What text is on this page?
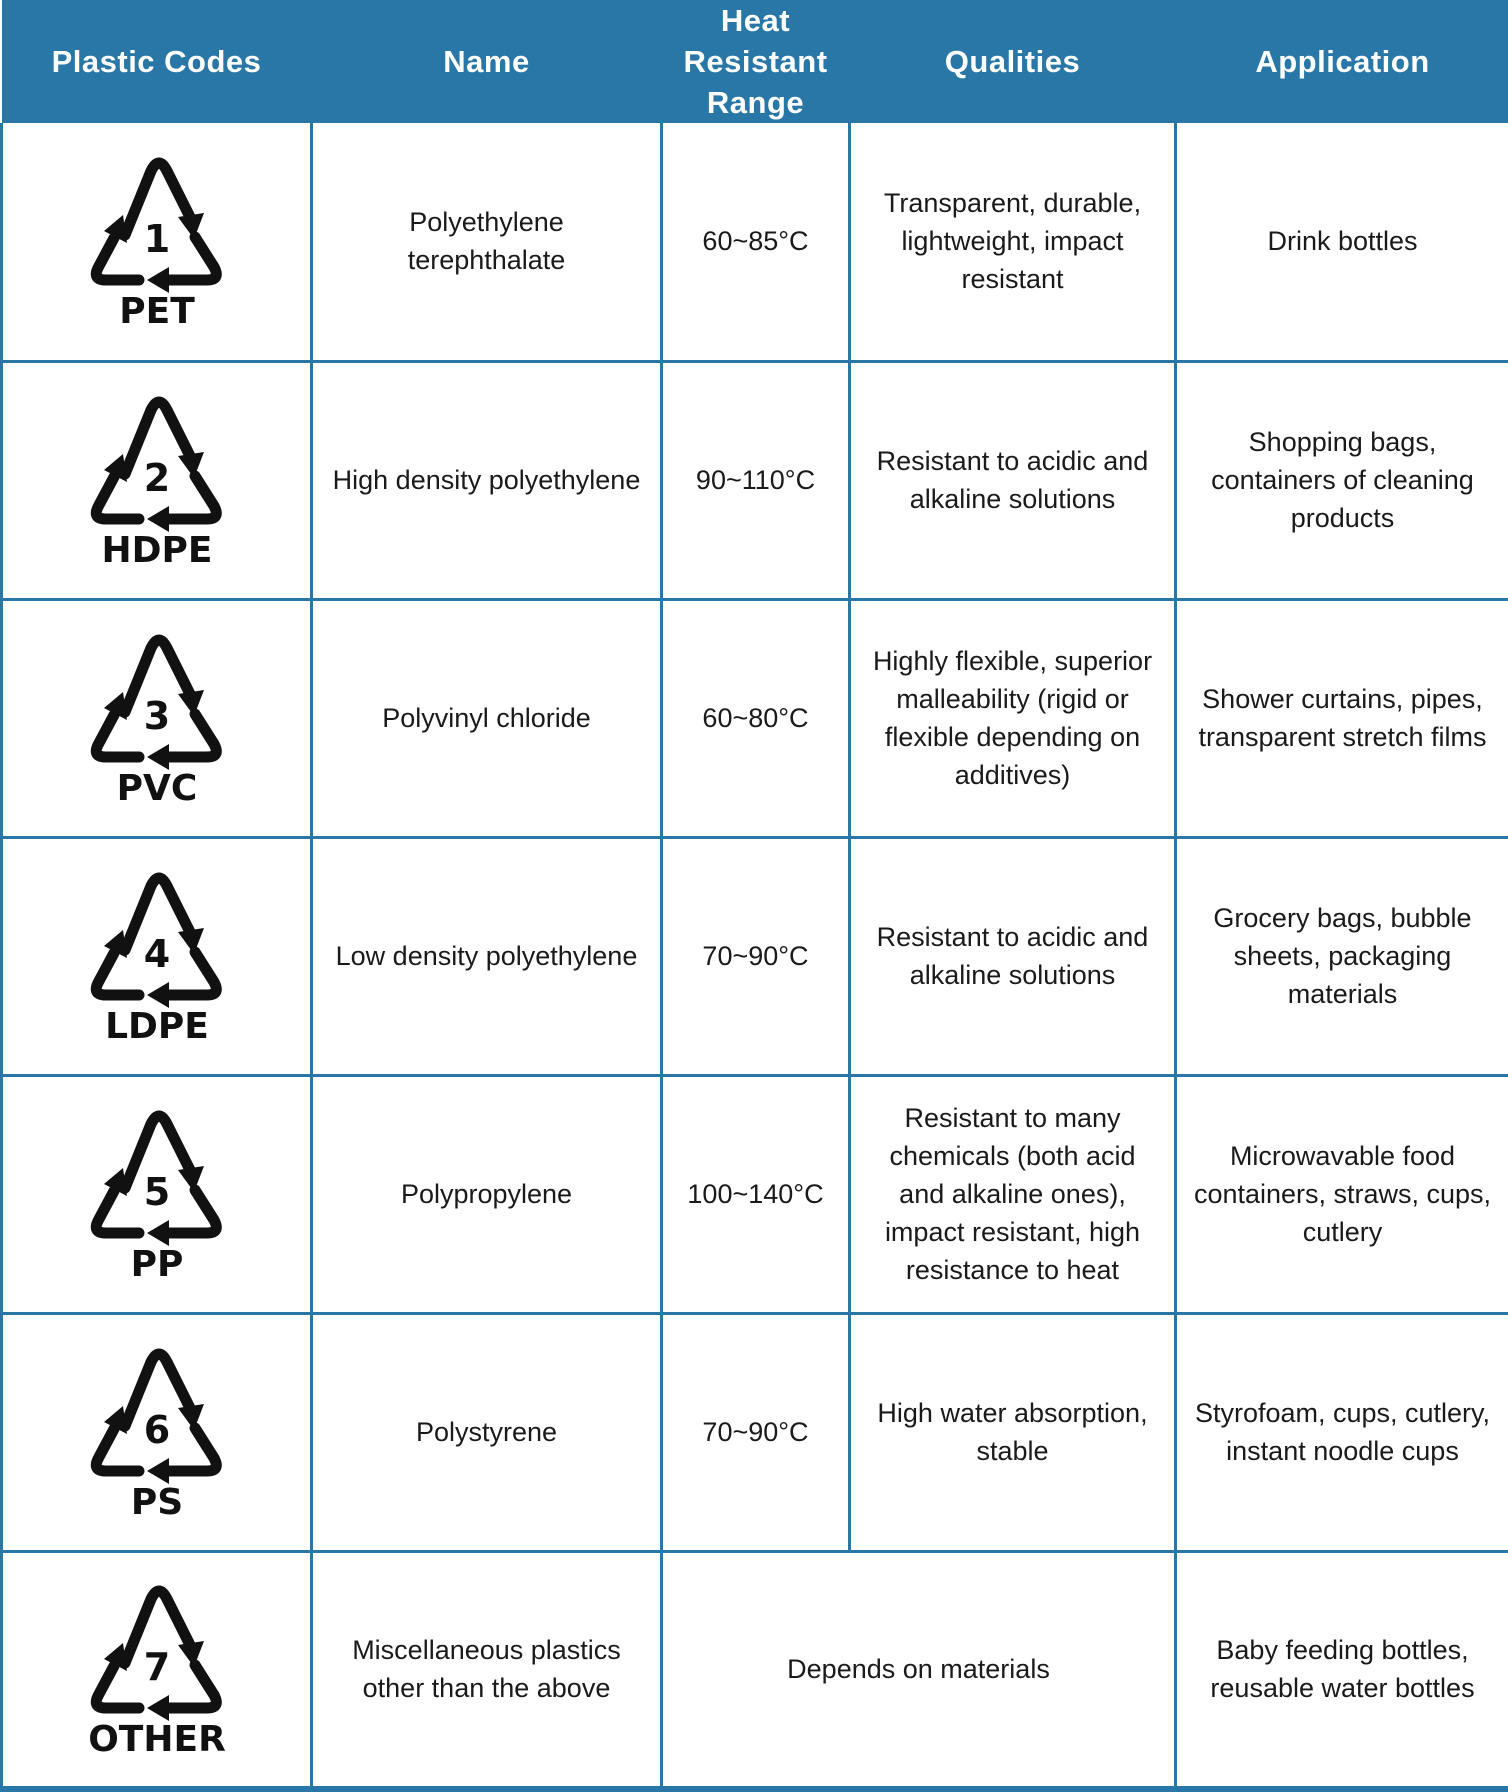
Plastic Codes	Name	Heat Resistant Range	Qualities	Application

1
PET	Polyethylene terephthalate	60~85°C	Transparent, durable, lightweight, impact resistant	Drink bottles

2
HDPE	High density polyethylene	90~110°C	Resistant to acidic and alkaline solutions	Shopping bags, containers of cleaning products

3
PVC	Polyvinyl chloride	60~80°C	Highly flexible, superior malleability (rigid or flexible depending on additives)	Shower curtains, pipes, transparent stretch films

4
LDPE	Low density polyethylene	70~90°C	Resistant to acidic and alkaline solutions	Grocery bags, bubble sheets, packaging materials

5
PP	Polypropylene	100~140°C	Resistant to many chemicals (both acid and alkaline ones), impact resistant, high resistance to heat	Microwavable food containers, straws, cups, cutlery

6
PS	Polystyrene	70~90°C	High water absorption, stable	Styrofoam, cups, cutlery, instant noodle cups

7
OTHER	Miscellaneous plastics other than the above	Depends on materials		Baby feeding bottles, reusable water bottles
